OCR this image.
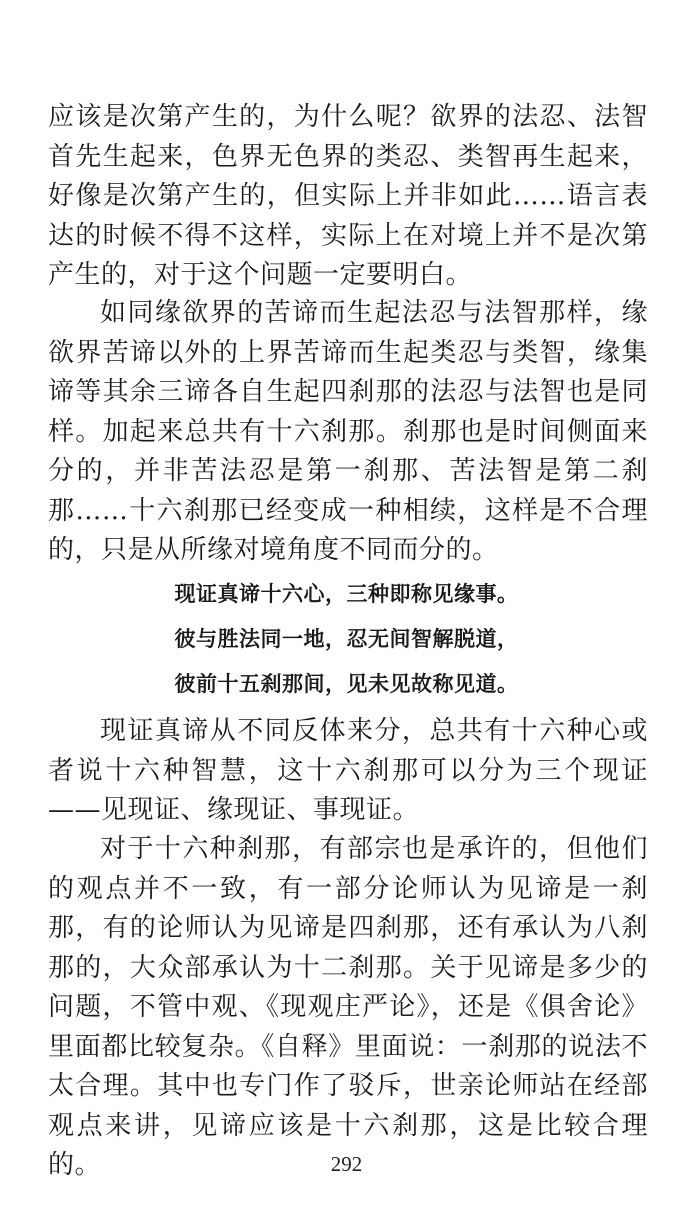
应该是次第产生的，为什么呢？欲界的法忍、法智首先生起来，色界无色界的类忍、类智再生起来，好像是次第产生的，但实际上并非如此……语言表达的时候不得不这样，实际上在对境上并不是次第产生的，对于这个问题一定要明白。

如同缘欲界的苦谛而生起法忍与法智那样，缘欲界苦谛以外的上界苦谛而生起类忍与类智，缘集谛等其余三谛各自生起四刹那的法忍与法智也是同样。加起来总共有十六刹那。刹那也是时间侧面来分的，并非苦法忍是第一刹那、苦法智是第二刹那……十六刹那已经变成一种相续，这样是不合理的，只是从所缘对境角度不同而分的。

现证真谛十六心，三种即称见缘事。

彼与胜法同一地，忍无间智解脱道，

彼前十五刹那间，见未见故称见道。

现证真谛从不同反体来分，总共有十六种心或者说十六种智慧，这十六刹那可以分为三个现证——见现证、缘现证、事现证。

对于十六种刹那，有部宗也是承许的，但他们的观点并不一致，有一部分论师认为见谛是一刹那，有的论师认为见谛是四刹那，还有承认为八刹那的，大众部承认为十二刹那。关于见谛是多少的问题，不管中观、《现观庄严论》，还是《俱舍论》里面都比较复杂。《自释》里面说：一刹那的说法不太合理。其中也专门作了驳斥，世亲论师站在经部观点来讲，见谛应该是十六刹那，这是比较合理的。	292
